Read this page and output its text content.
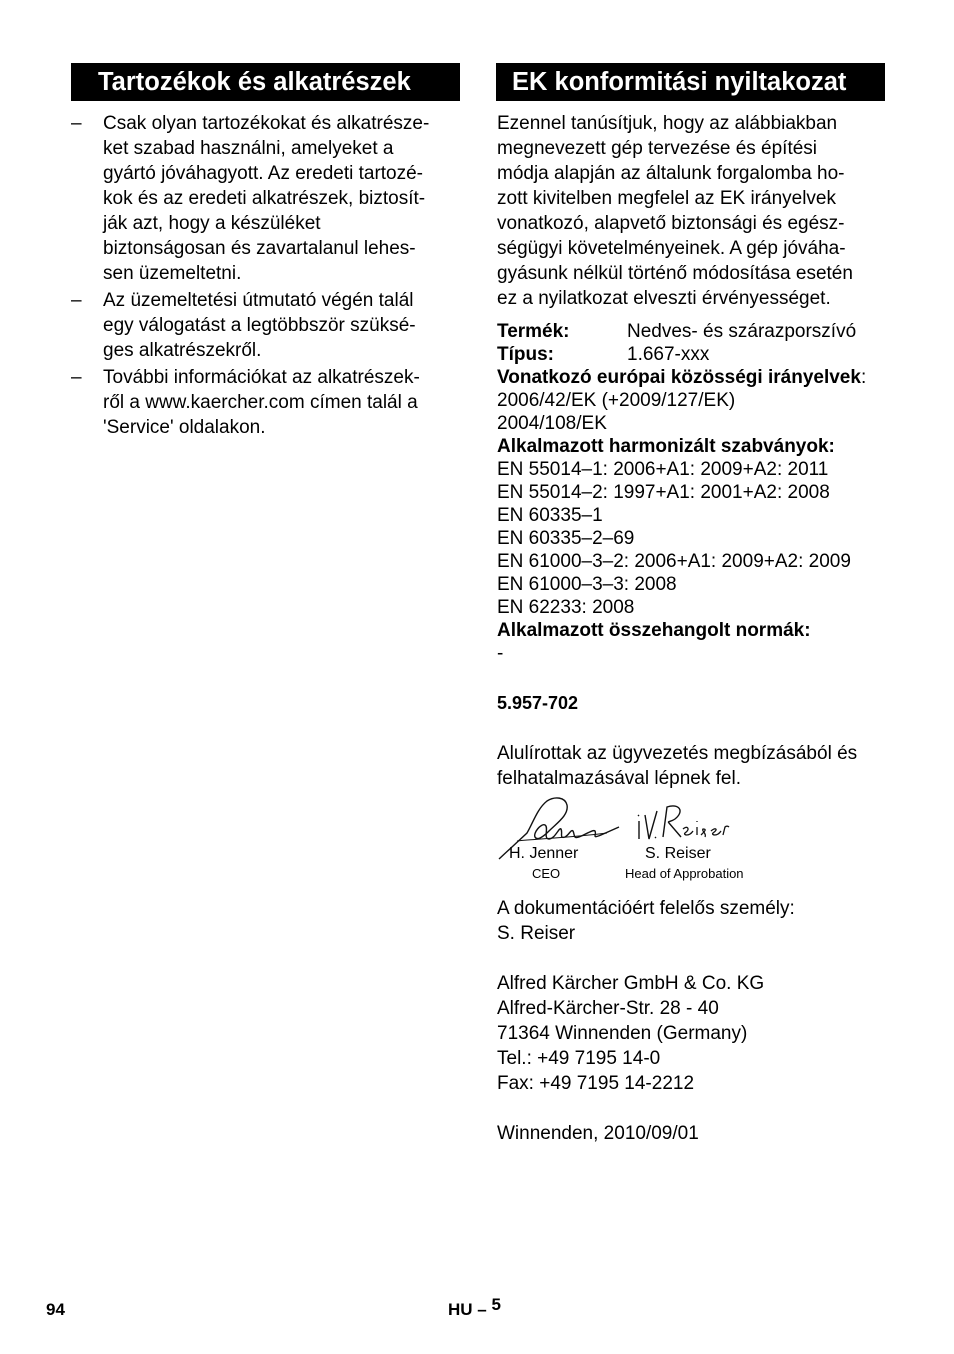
Tartozékok és alkatrészek
– Csak olyan tartozékokat és alkatrésze-
ket szabad használni, amelyeket a
gyártó jóváhagyott. Az eredeti tartozé-
kok és az eredeti alkatrészek, biztosít-
ják azt, hogy a készüléket
biztonságosan és zavartalanul lehes-
sen üzemeltetni.
– Az üzemeltetési útmutató végén talál
egy válogatást a legtöbbször szüksé-
ges alkatrészekről.
– További információkat az alkatrészek-
ről a www.kaercher.com címen talál a
'Service' oldalakon.
EK konformitási nyiltakozat
Ezennel tanúsítjuk, hogy az alábbiakban
megnevezett gép tervezése és építési
módja alapján az általunk forgalomba ho-
zott kivitelben megfelel az EK irányelvek
vonatkozó, alapvető biztonsági és egész-
ségügyi követelményeinek. A gép jóváha-
gyásunk nélkül történő módosítása esetén
ez a nyilatkozat elveszti érvényességet.
Termék:	Nedves- és szárazporszívó
Típus:	1.667-xxx
Vonatkozó európai közösségi irányelvek:
2006/42/EK (+2009/127/EK)
2004/108/EK
Alkalmazott harmonizált szabványok:
EN 55014–1: 2006+A1: 2009+A2: 2011
EN 55014–2: 1997+A1: 2001+A2: 2008
EN 60335–1
EN 60335–2–69
EN 61000–3–2: 2006+A1: 2009+A2: 2009
EN 61000–3–3: 2008
EN 62233: 2008
Alkalmazott összehangolt normák:
-
5.957-702
Alulírottak az ügyvezetés megbízásából és
felhatalmazásával lépnek fel.
H. Jenner	S. Reiser
CEO	Head of Approbation
A dokumentációért felelős személy:
S. Reiser
Alfred Kärcher GmbH & Co. KG
Alfred-Kärcher-Str. 28 - 40
71364 Winnenden (Germany)
Tel.: +49 7195 14-0
Fax: +49 7195 14-2212
Winnenden, 2010/09/01
94	HU – 5
